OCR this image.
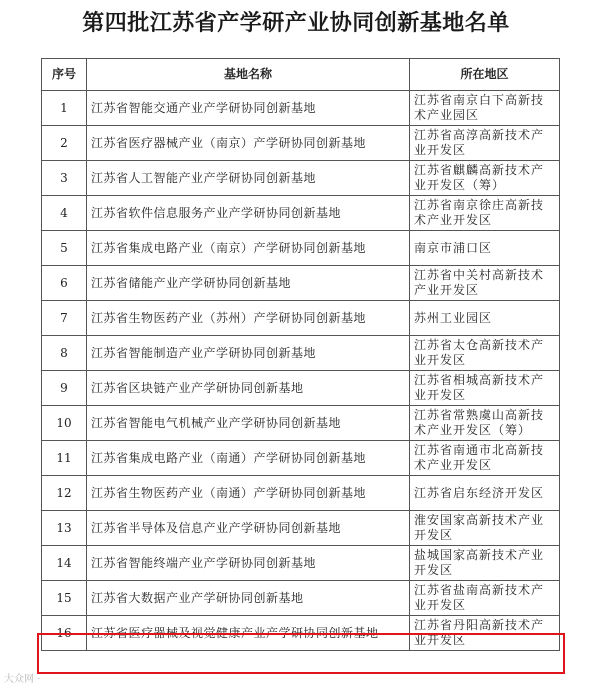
第四批江苏省产学研产业协同创新基地名单
序号	基地名称	所在地区
1	江苏省智能交通产业产学研协同创新基地	江苏省南京白下高新技术产业园区
2	江苏省医疗器械产业（南京）产学研协同创新基地	江苏省高淳高新技术产业开发区
3	江苏省人工智能产业产学研协同创新基地	江苏省麒麟高新技术产业开发区（筹）
4	江苏省软件信息服务产业产学研协同创新基地	江苏省南京徐庄高新技术产业开发区
5	江苏省集成电路产业（南京）产学研协同创新基地	南京市浦口区
6	江苏省储能产业产学研协同创新基地	江苏省中关村高新技术产业开发区
7	江苏省生物医药产业（苏州）产学研协同创新基地	苏州工业园区
8	江苏省智能制造产业产学研协同创新基地	江苏省太仓高新技术产业开发区
9	江苏省区块链产业产学研协同创新基地	江苏省相城高新技术产业开发区
10	江苏省智能电气机械产业产学研协同创新基地	江苏省常熟虞山高新技术产业开发区（筹）
11	江苏省集成电路产业（南通）产学研协同创新基地	江苏省南通市北高新技术产业开发区
12	江苏省生物医药产业（南通）产学研协同创新基地	江苏省启东经济开发区
13	江苏省半导体及信息产业产学研协同创新基地	淮安国家高新技术产业开发区
14	江苏省智能终端产业产学研协同创新基地	盐城国家高新技术产业开发区
15	江苏省大数据产业产学研协同创新基地	江苏省盐南高新技术产业开发区
16	江苏省医疗器械及视觉健康产业产学研协同创新基地	江苏省丹阳高新技术产业开发区
大众网 ·
